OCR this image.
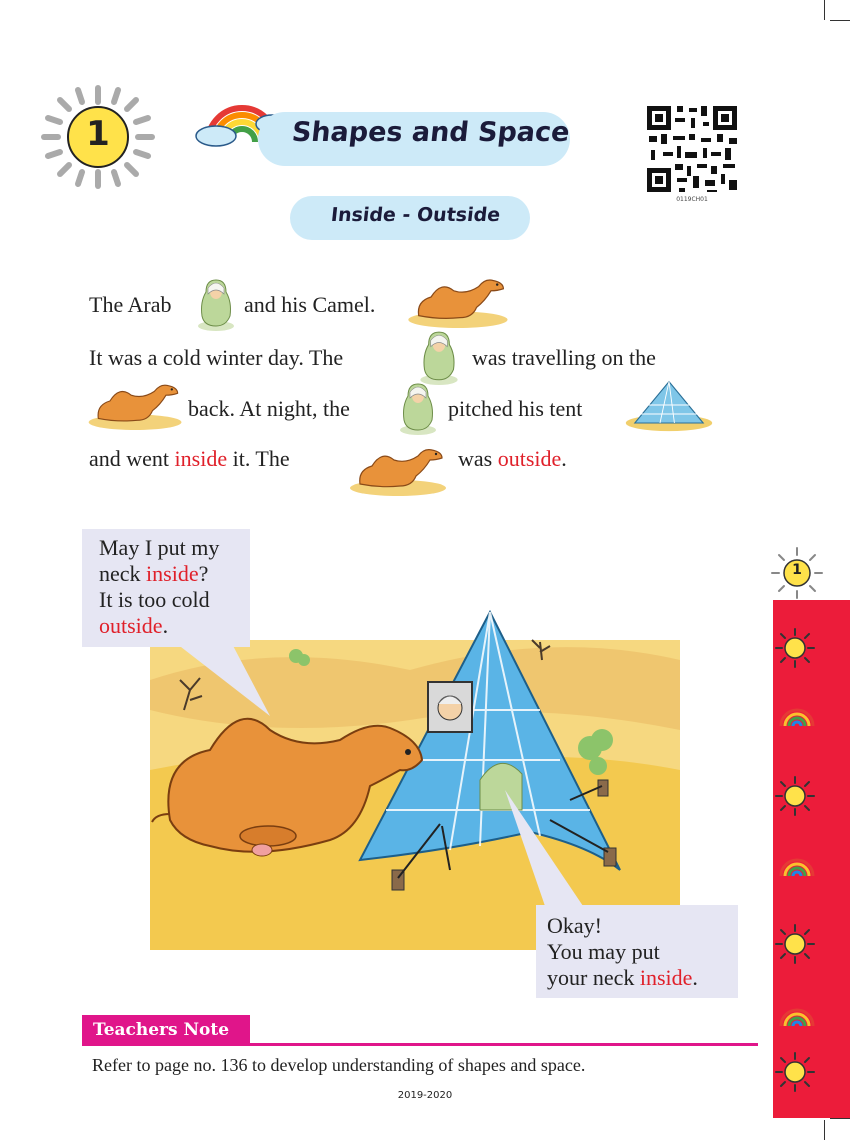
1	Shapes and Space
Inside - Outside
0119CH01
The Arab	and his Camel.
It was a cold winter day. The	was travelling on the
back. At night, the	pitched his tent
and went inside it. The	was outside.
May I put my
neck inside?
It is too cold
outside.
Okay!
You may put
your neck inside.
Teachers Note
Refer to page no. 136 to develop understanding of shapes and space.
2019-2020
1
